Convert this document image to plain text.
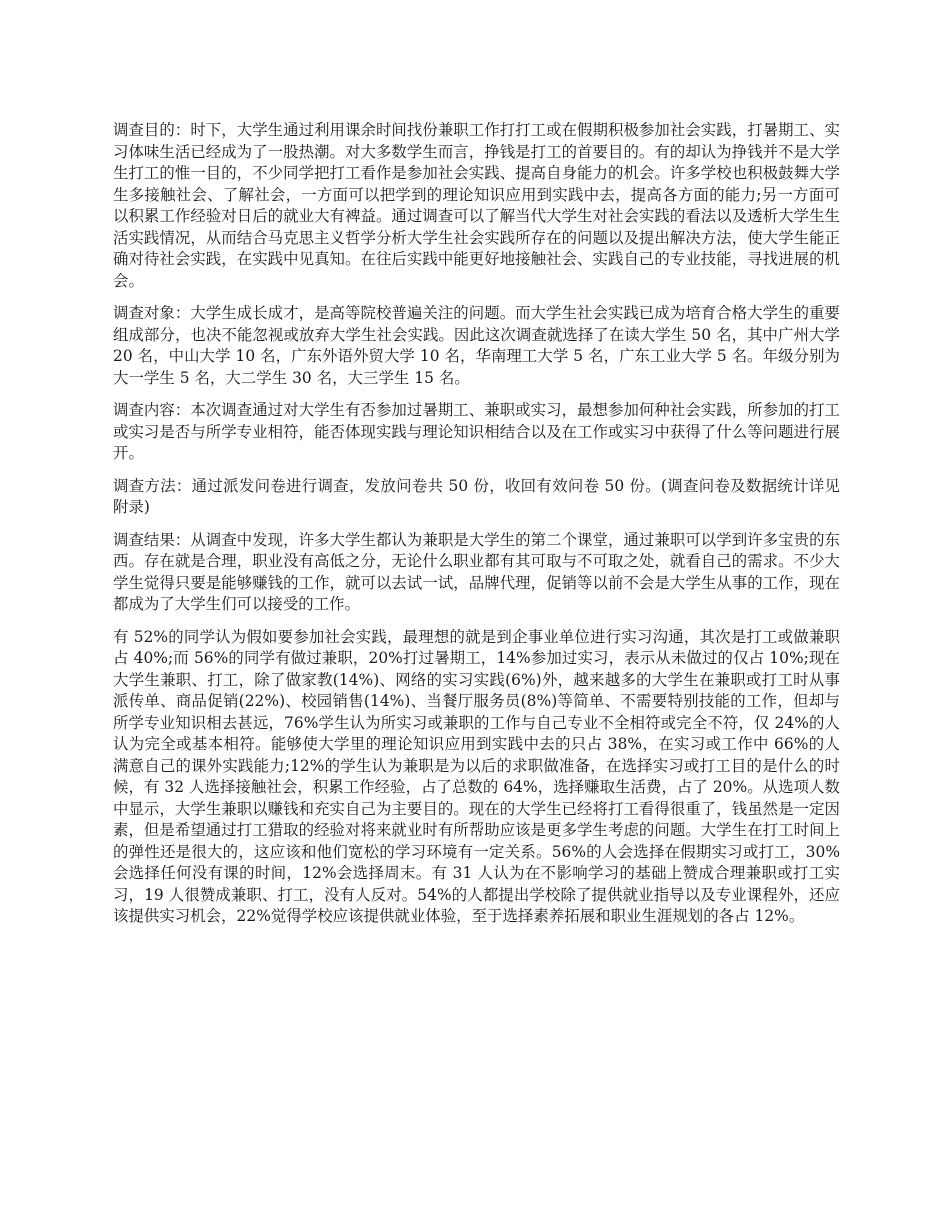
调查目的：时下，大学生通过利用课余时间找份兼职工作打打工或在假期积极参加社会实践，打暑期工、实习体味生活已经成为了一股热潮。对大多数学生而言，挣钱是打工的首要目的。有的却认为挣钱并不是大学生打工的惟一目的，不少同学把打工看作是参加社会实践、提高自身能力的机会。许多学校也积极鼓舞大学生多接触社会、了解社会，一方面可以把学到的理论知识应用到实践中去，提高各方面的能力;另一方面可以积累工作经验对日后的就业大有裨益。通过调查可以了解当代大学生对社会实践的看法以及透析大学生生活实践情况，从而结合马克思主义哲学分析大学生社会实践所存在的问题以及提出解决方法，使大学生能正确对待社会实践，在实践中见真知。在往后实践中能更好地接触社会、实践自己的专业技能，寻找进展的机会。

调查对象：大学生成长成才，是高等院校普遍关注的问题。而大学生社会实践已成为培育合格大学生的重要组成部分，也决不能忽视或放弃大学生社会实践。因此这次调查就选择了在读大学生 50 名，其中广州大学 20 名，中山大学 10 名，广东外语外贸大学 10 名，华南理工大学 5 名，广东工业大学 5 名。年级分别为大一学生 5 名，大二学生 30 名，大三学生 15 名。

调查内容：本次调查通过对大学生有否参加过暑期工、兼职或实习，最想参加何种社会实践，所参加的打工或实习是否与所学专业相符，能否体现实践与理论知识相结合以及在工作或实习中获得了什么等问题进行展开。

调查方法：通过派发问卷进行调查，发放问卷共 50 份，收回有效问卷 50 份。(调查问卷及数据统计详见附录)

调查结果：从调查中发现，许多大学生都认为兼职是大学生的第二个课堂，通过兼职可以学到许多宝贵的东西。存在就是合理，职业没有高低之分，无论什么职业都有其可取与不可取之处，就看自己的需求。不少大学生觉得只要是能够赚钱的工作，就可以去试一试，品牌代理，促销等以前不会是大学生从事的工作，现在都成为了大学生们可以接受的工作。

有 52%的同学认为假如要参加社会实践，最理想的就是到企事业单位进行实习沟通，其次是打工或做兼职占 40%;而 56%的同学有做过兼职，20%打过暑期工，14%参加过实习，表示从未做过的仅占 10%;现在大学生兼职、打工，除了做家教(14%)、网络的实习实践(6%)外，越来越多的大学生在兼职或打工时从事派传单、商品促销(22%)、校园销售(14%)、当餐厅服务员(8%)等简单、不需要特别技能的工作，但却与所学专业知识相去甚远，76%学生认为所实习或兼职的工作与自己专业不全相符或完全不符，仅 24%的人认为完全或基本相符。能够使大学里的理论知识应用到实践中去的只占 38%，在实习或工作中 66%的人满意自己的课外实践能力;12%的学生认为兼职是为以后的求职做准备，在选择实习或打工目的是什么的时候，有 32 人选择接触社会，积累工作经验，占了总数的 64%，选择赚取生活费，占了 20%。从选项人数中显示，大学生兼职以赚钱和充实自己为主要目的。现在的大学生已经将打工看得很重了，钱虽然是一定因素，但是希望通过打工猎取的经验对将来就业时有所帮助应该是更多学生考虑的问题。大学生在打工时间上的弹性还是很大的，这应该和他们宽松的学习环境有一定关系。56%的人会选择在假期实习或打工，30%会选择任何没有课的时间，12%会选择周末。有 31 人认为在不影响学习的基础上赞成合理兼职或打工实习，19 人很赞成兼职、打工，没有人反对。54%的人都提出学校除了提供就业指导以及专业课程外，还应该提供实习机会，22%觉得学校应该提供就业体验，至于选择素养拓展和职业生涯规划的各占 12%。
